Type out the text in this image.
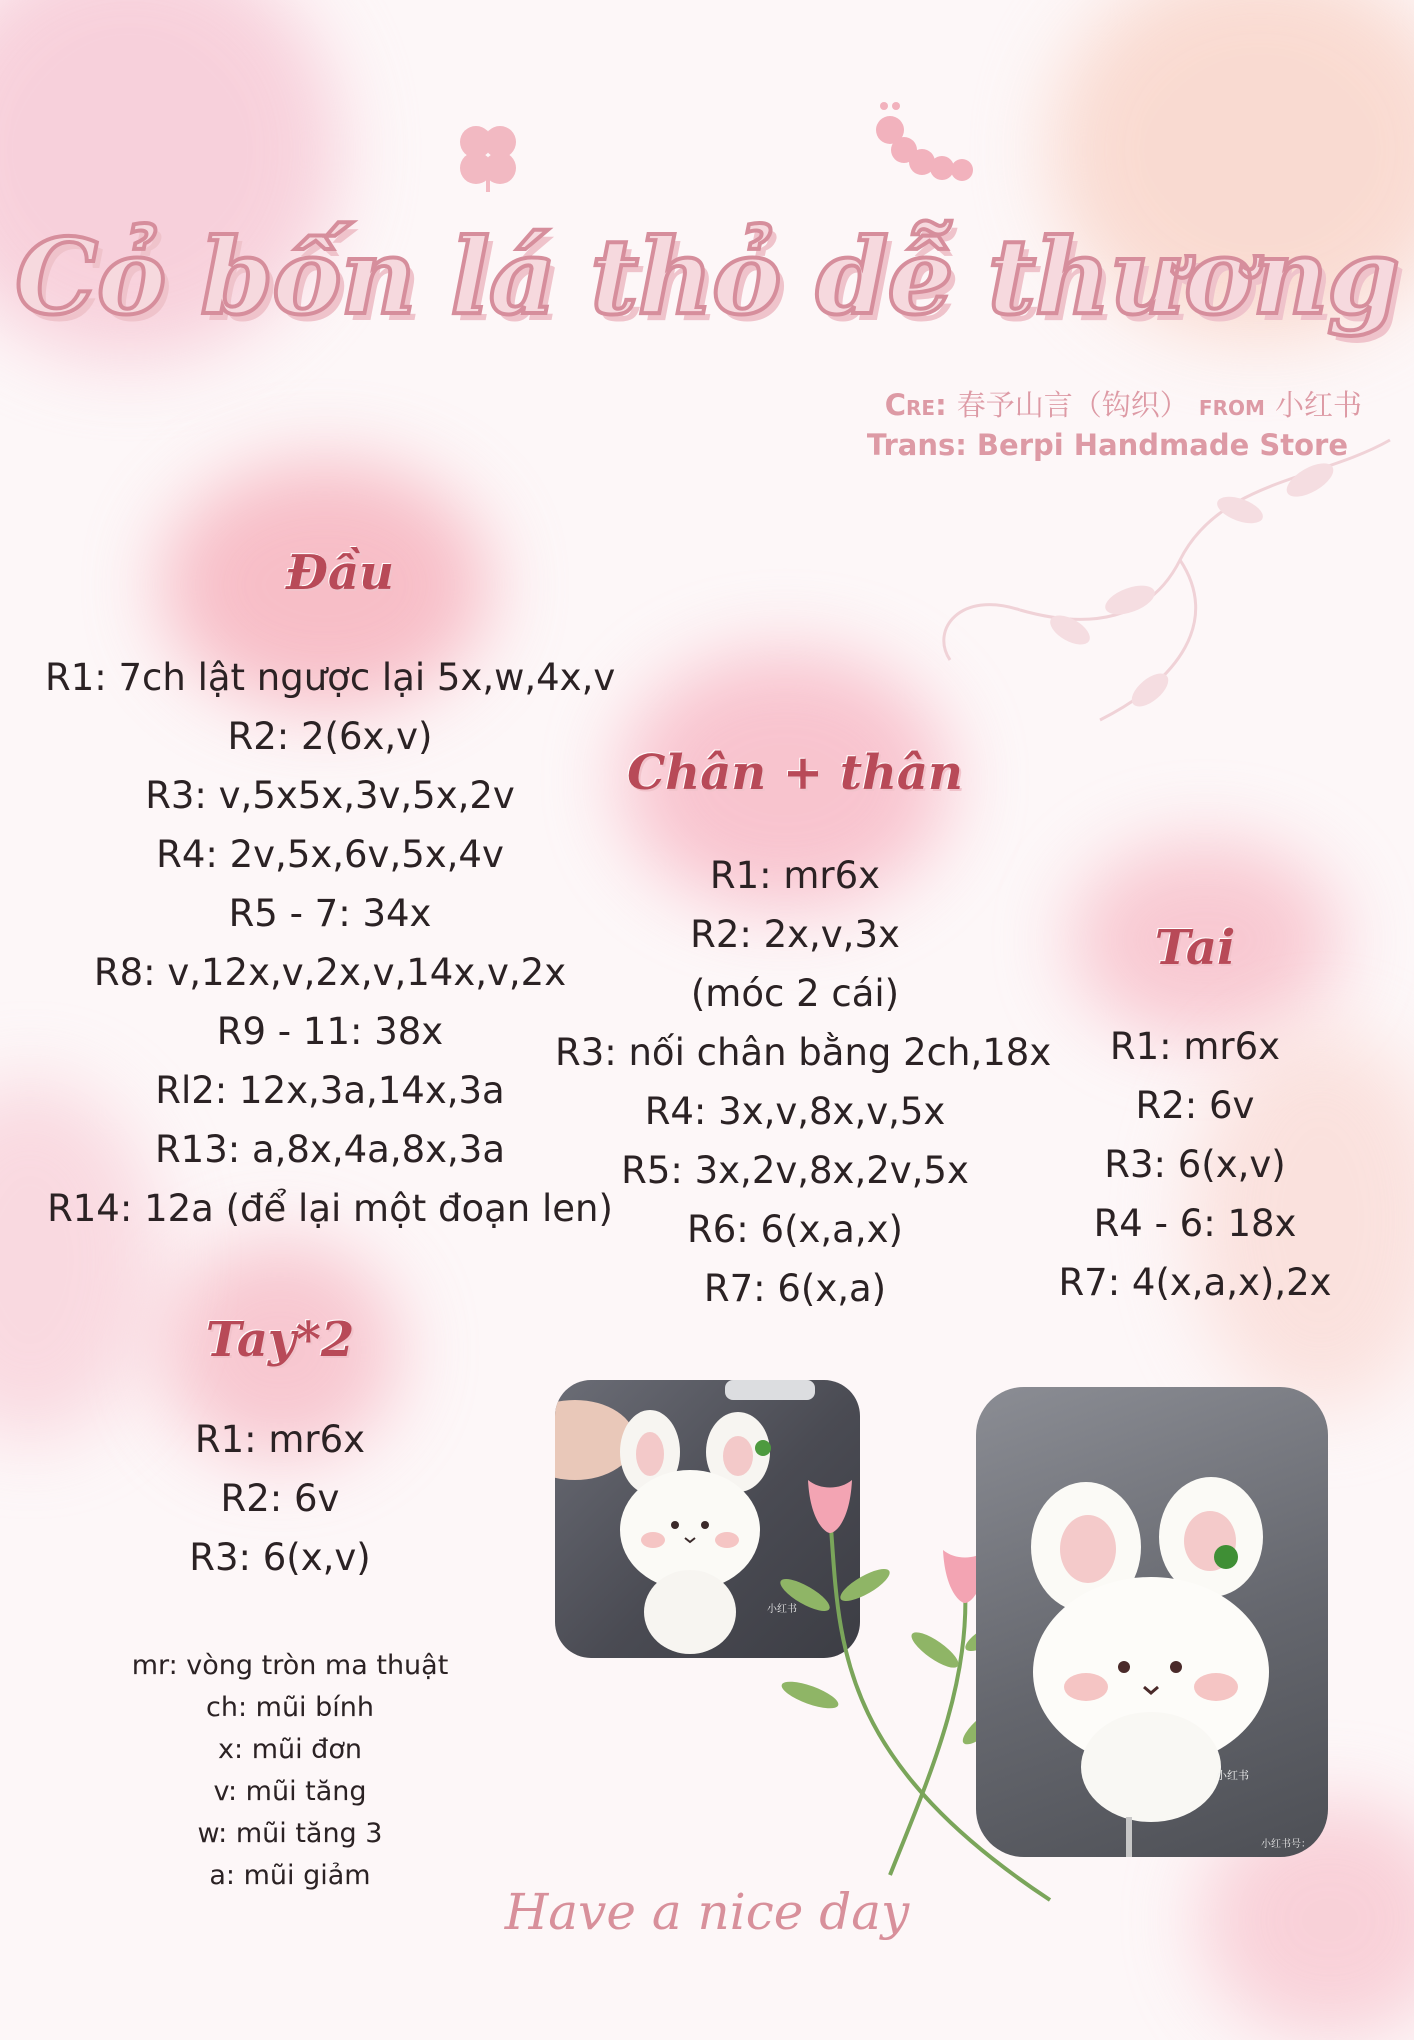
Cỏ bốn lá thỏ dễ thương
Cre: 春予山言（钩织） from 小红书
Trans: Berpi Handmade Store
Đầu
R1: 7ch lật ngược lại 5x,w,4x,v
R2: 2(6x,v)
R3: v,5x5x,3v,5x,2v
R4: 2v,5x,6v,5x,4v
R5 - 7: 34x
R8: v,12x,v,2x,v,14x,v,2x
R9 - 11: 38x
Rl2: 12x,3a,14x,3a
R13: a,8x,4a,8x,3a
R14: 12a (để lại một đoạn len)
Chân + thân
R1: mr6x
R2: 2x,v,3x
(móc 2 cái)
R3: nối chân bằng 2ch,18x
R4: 3x,v,8x,v,5x
R5: 3x,2v,8x,2v,5x
R6: 6(x,a,x)
R7: 6(x,a)
Tai
R1: mr6x
R2: 6v
R3: 6(x,v)
R4 - 6: 18x
R7: 4(x,a,x),2x
Tay*2
R1: mr6x
R2: 6v
R3: 6(x,v)
mr: vòng tròn ma thuật
ch: mũi bính
x: mũi đơn
v: mũi tăng
w: mũi tăng 3
a: mũi giảm
小红书
小红书
小红书号：
Have a nice day
